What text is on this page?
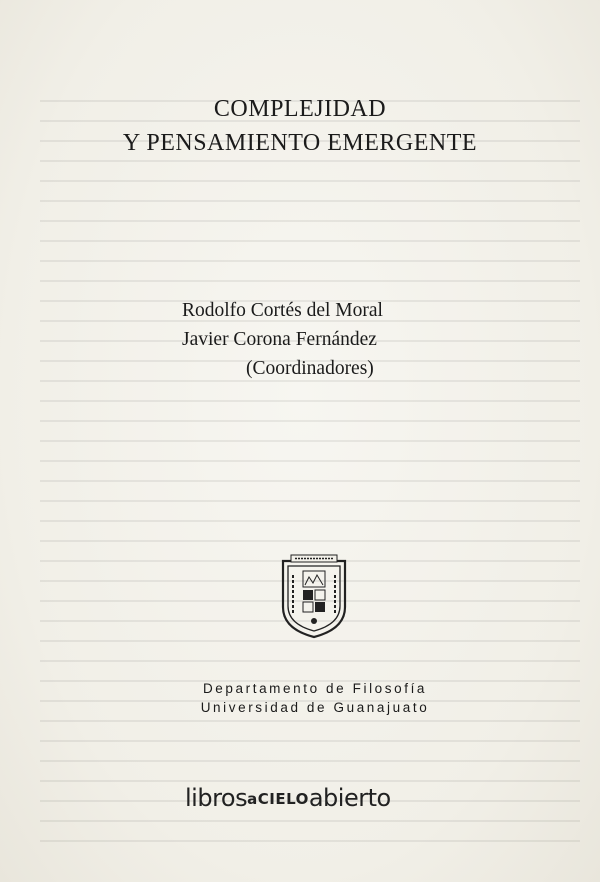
COMPLEJIDAD
Y PENSAMIENTO EMERGENTE
Rodolfo Cortés del Moral
Javier Corona Fernández
(Coordinadores)
Departamento de Filosofía
Universidad de Guanajuato
librosaCIELOabierto
